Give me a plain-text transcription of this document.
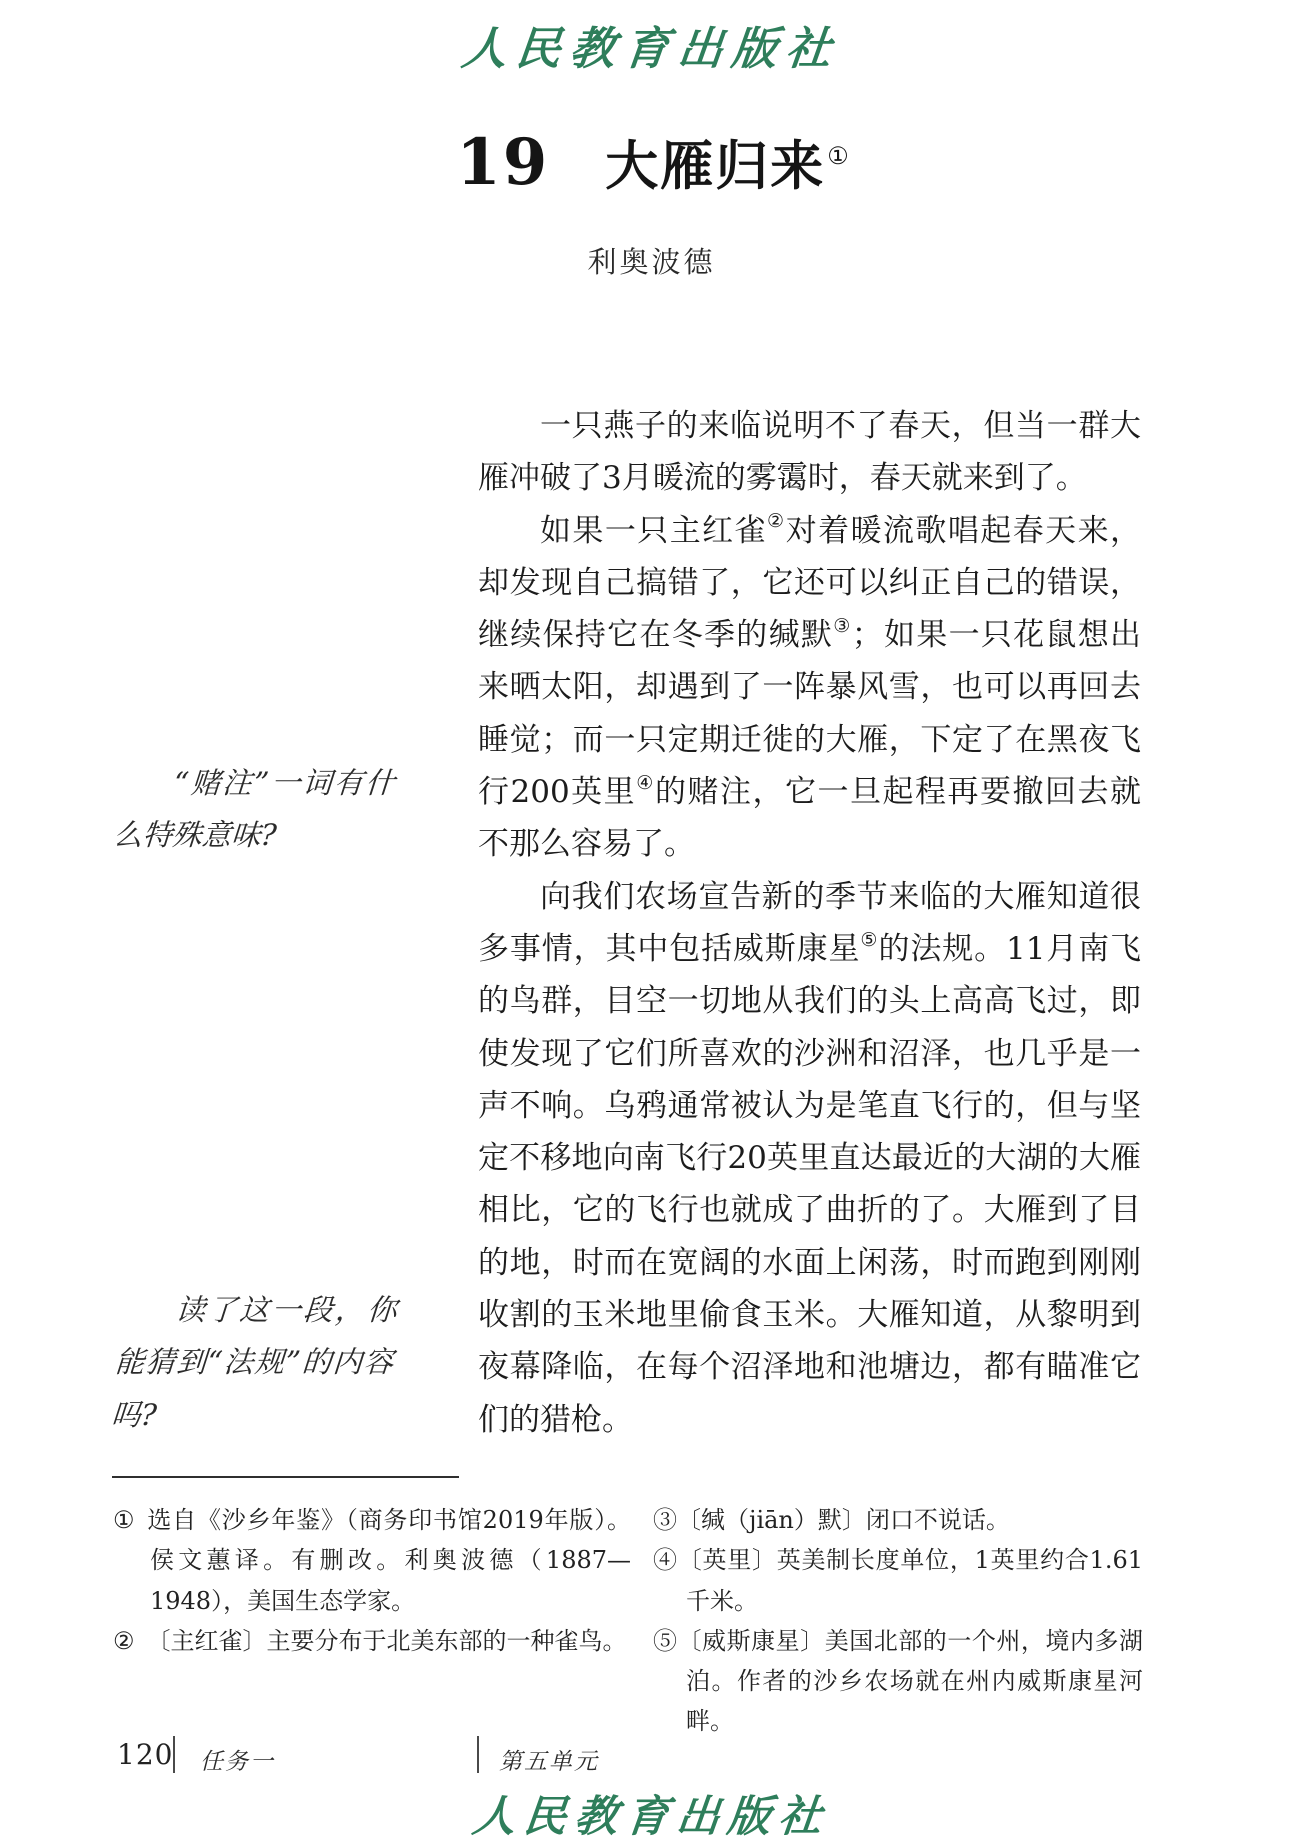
人民教育出版社
19 大雁归来①
利奥波德
“赌注”一词有什么特殊意味?
读了这一段，你能猜到“法规”的内容吗?

一只燕子的来临说明不了春天，但当一群大雁冲破了3月暖流的雾霭时，春天就来到了。

如果一只主红雀②对着暖流歌唱起春天来，却发现自己搞错了，它还可以纠正自己的错误，继续保持它在冬季的缄默③；如果一只花鼠想出来晒太阳，却遇到了一阵暴风雪，也可以再回去睡觉；而一只定期迁徙的大雁，下定了在黑夜飞行200英里④的赌注，它一旦起程再要撤回去就不那么容易了。

向我们农场宣告新的季节来临的大雁知道很多事情，其中包括威斯康星⑤的法规。11月南飞的鸟群，目空一切地从我们的头上高高飞过，即使发现了它们所喜欢的沙洲和沼泽，也几乎是一声不响。乌鸦通常被认为是笔直飞行的，但与坚定不移地向南飞行20英里直达最近的大湖的大雁相比，它的飞行也就成了曲折的了。大雁到了目的地，时而在宽阔的水面上闲荡，时而跑到刚刚收割的玉米地里偷食玉米。大雁知道，从黎明到夜幕降临，在每个沼泽地和池塘边，都有瞄准它们的猎枪。

① 选自《沙乡年鉴》（商务印书馆2019年版）。侯文蕙译。有删改。利奥波德（1887—1948），美国生态学家。

② 〔主红雀〕主要分布于北美东部的一种雀鸟。

③〔缄（jiān）默〕闭口不说话。

④〔英里〕英美制长度单位，1英里约合1.61千米。

⑤〔威斯康星〕美国北部的一个州，境内多湖泊。作者的沙乡农场就在州内威斯康星河畔。

120 任务一	第五单元
人民教育出版社
